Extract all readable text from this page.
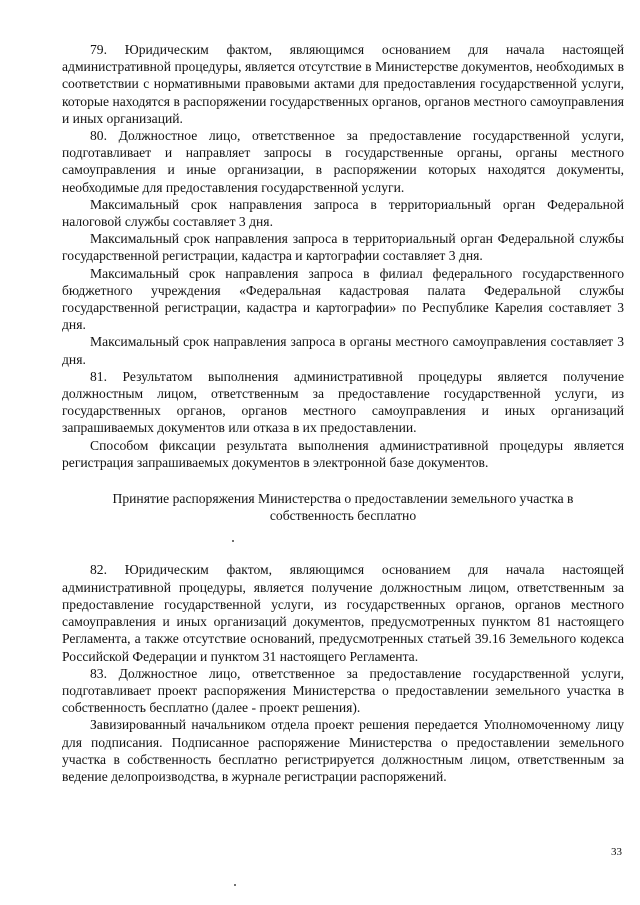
79. Юридическим фактом, являющимся основанием для начала настоящей административной процедуры, является отсутствие в Министерстве документов, необходимых в соответствии с нормативными правовыми актами для предоставления государственной услуги, которые находятся в распоряжении государственных органов, органов местного самоуправления и иных организаций.

80. Должностное лицо, ответственное за предоставление государственной услуги, подготавливает и направляет запросы в государственные органы, органы местного самоуправления и иные организации, в распоряжении которых находятся документы, необходимые для предоставления государственной услуги.

Максимальный срок направления запроса в территориальный орган Федеральной налоговой службы составляет 3 дня.

Максимальный срок направления запроса в территориальный орган Федеральной службы государственной регистрации, кадастра и картографии составляет 3 дня.

Максимальный срок направления запроса в филиал федерального государственного бюджетного учреждения «Федеральная кадастровая палата Федеральной службы государственной регистрации, кадастра и картографии» по Республике Карелия составляет 3 дня.

Максимальный срок направления запроса в органы местного самоуправления составляет 3 дня.

81. Результатом выполнения административной процедуры является получение должностным лицом, ответственным за предоставление государственной услуги, из государственных органов, органов местного самоуправления и иных организаций запрашиваемых документов или отказа в их предоставлении.

Способом фиксации результата выполнения административной процедуры является регистрация запрашиваемых документов в электронной базе документов.

Принятие распоряжения Министерства о предоставлении земельного участка в
собственность бесплатно

82. Юридическим фактом, являющимся основанием для начала настоящей административной процедуры, является получение должностным лицом, ответственным за предоставление государственной услуги, из государственных органов, органов местного самоуправления и иных организаций документов, предусмотренных пунктом 81 настоящего Регламента, а также отсутствие оснований, предусмотренных статьей 39.16 Земельного кодекса Российской Федерации и пунктом 31 настоящего Регламента.

83. Должностное лицо, ответственное за предоставление государственной услуги, подготавливает проект распоряжения Министерства о предоставлении земельного участка в собственность бесплатно (далее - проект решения).

Завизированный начальником отдела проект решения передается Уполномоченному лицу для подписания. Подписанное распоряжение Министерства о предоставлении земельного участка в собственность бесплатно регистрируется должностным лицом, ответственным за ведение делопроизводства, в журнале регистрации распоряжений.

33
